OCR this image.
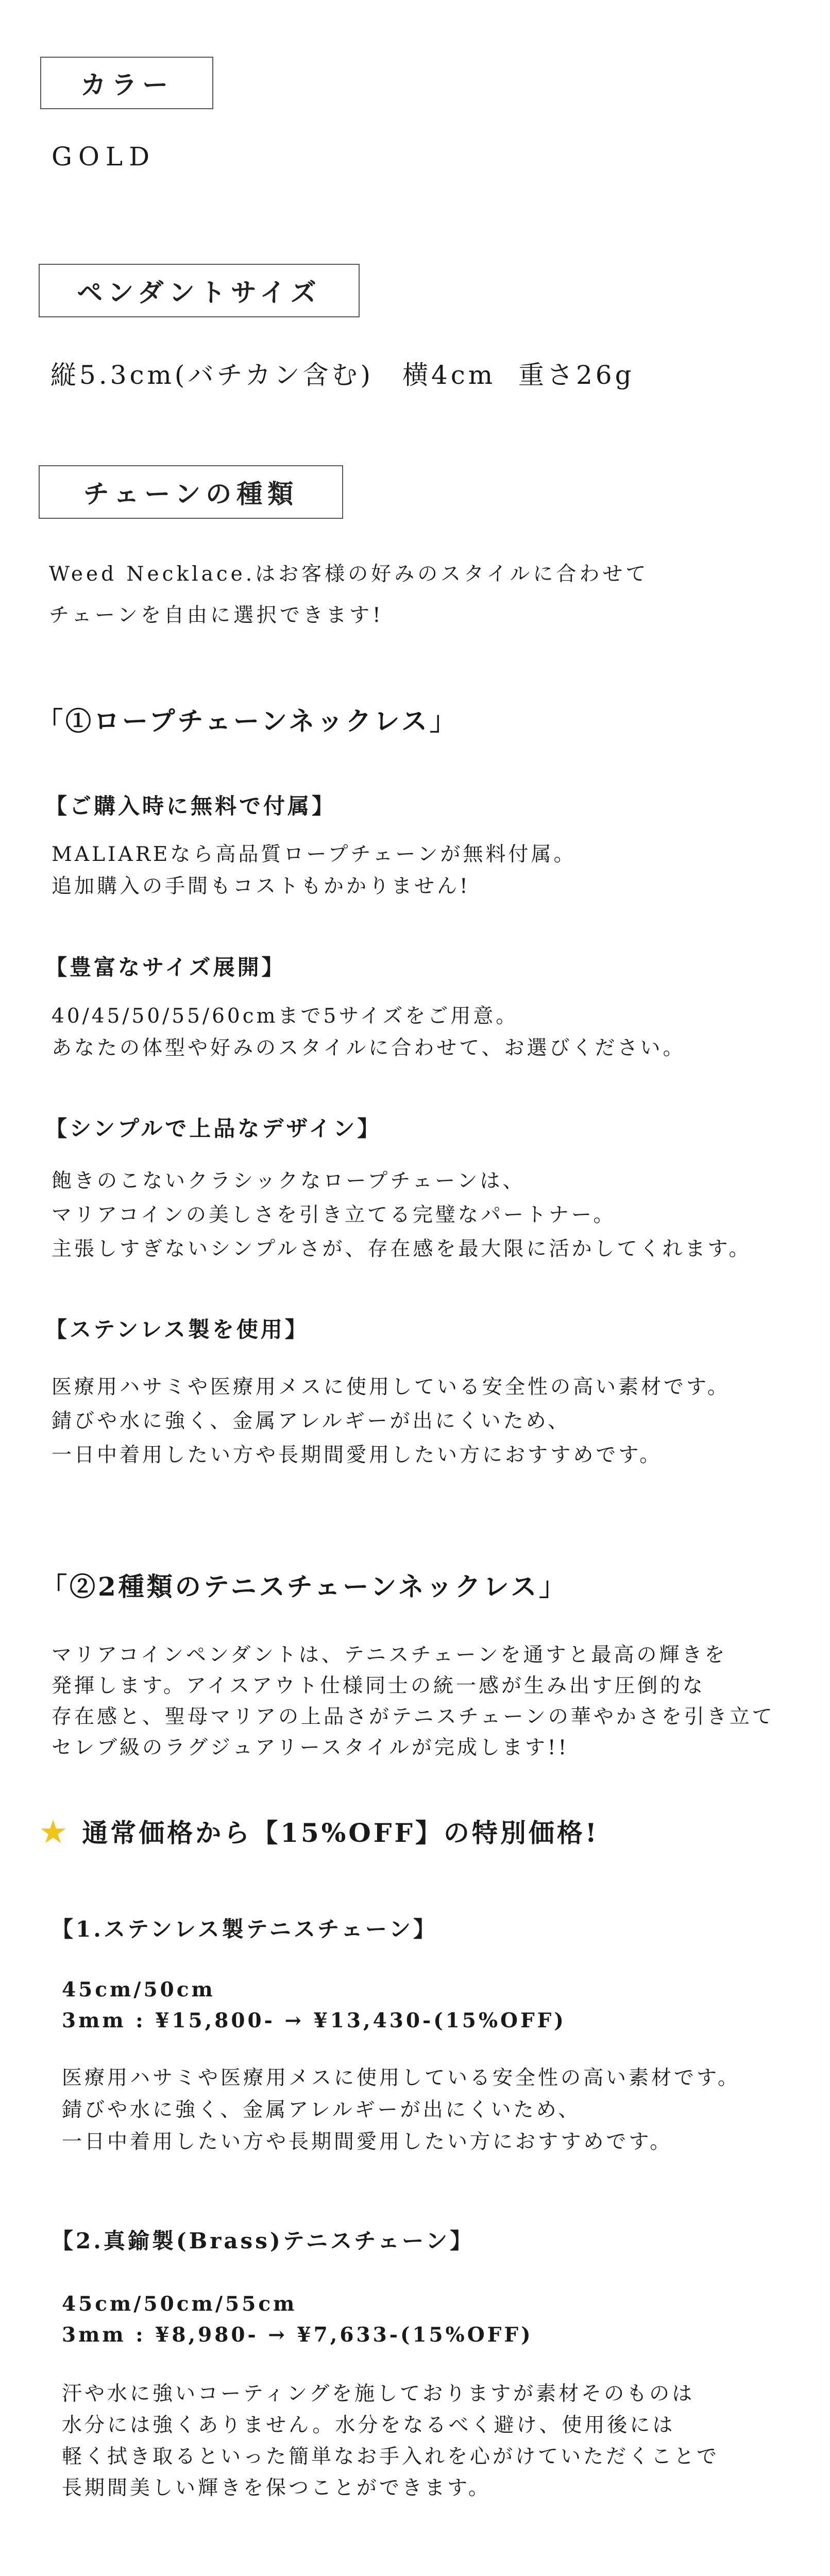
カラー
GOLD
ペンダントサイズ
縦5.3cm(バチカン含む)　横4cm  重さ26g
チェーンの種類
Weed Necklace.はお客様の好みのスタイルに合わせて
チェーンを自由に選択できます!
「①ロープチェーンネックレス」
【ご購入時に無料で付属】
MALIAREなら高品質ロープチェーンが無料付属。
追加購入の手間もコストもかかりません!
【豊富なサイズ展開】
40/45/50/55/60cmまで5サイズをご用意。
あなたの体型や好みのスタイルに合わせて、お選びください。
【シンプルで上品なデザイン】
飽きのこないクラシックなロープチェーンは、
マリアコインの美しさを引き立てる完璧なパートナー。
主張しすぎないシンプルさが、存在感を最大限に活かしてくれます。
【ステンレス製を使用】
医療用ハサミや医療用メスに使用している安全性の高い素材です。
錆びや水に強く、金属アレルギーが出にくいため、
一日中着用したい方や長期間愛用したい方におすすめです。
「②2種類のテニスチェーンネックレス」
マリアコインペンダントは、テニスチェーンを通すと最高の輝きを
発揮します。アイスアウト仕様同士の統一感が生み出す圧倒的な
存在感と、聖母マリアの上品さがテニスチェーンの華やかさを引き立て
セレブ級のラグジュアリースタイルが完成します!!
★ 通常価格から【15%OFF】の特別価格!
【1.ステンレス製テニスチェーン】
45cm/50cm
3mm : ¥15,800- → ¥13,430-(15%OFF)
医療用ハサミや医療用メスに使用している安全性の高い素材です。
錆びや水に強く、金属アレルギーが出にくいため、
一日中着用したい方や長期間愛用したい方におすすめです。
【2.真鍮製(Brass)テニスチェーン】
45cm/50cm/55cm
3mm : ¥8,980- → ¥7,633-(15%OFF)
汗や水に強いコーティングを施しておりますが素材そのものは
水分には強くありません。水分をなるべく避け、使用後には
軽く拭き取るといった簡単なお手入れを心がけていただくことで
長期間美しい輝きを保つことができます。
